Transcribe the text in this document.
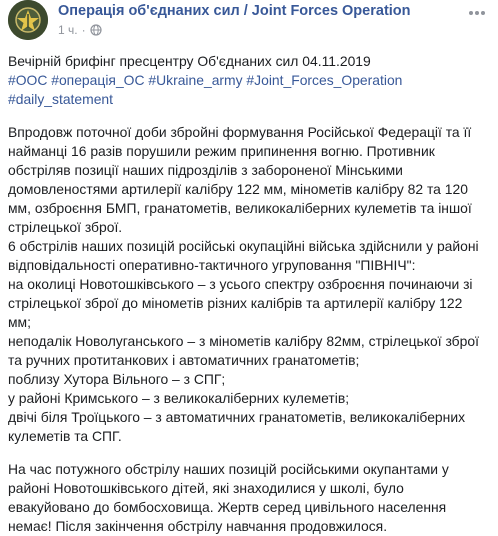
Операція об'єднаних сил / Joint Forces Operation
1 ч. ·

Вечірній брифінг пресцентру Об'єднаних сил 04.11.2019

#ООС #операція_ОС #Ukraine_army #Joint_Forces_Operation
#daily_statement

Впродовж поточної доби збройні формування Російської Федерації та її
найманці 16 разів порушили режим припинення вогню. Противник
обстріляв позиції наших підрозділів з забороненої Мінськими
домовленостями артилерії калібру 122 мм, мінометів калібру 82 та 120
мм, озброєння БМП, гранатометів, великокаліберних кулеметів та іншої
стрілецької зброї.
6 обстрілів наших позицій російські окупаційні війська здійснили у районі
відповідальності оперативно-тактичного угруповання "ПІВНІЧ":
на околиці Новотошківського – з усього спектру озброєння починаючи зі
стрілецької зброї до мінометів різних калібрів та артилерії калібру 122
мм;
неподалік Новолуганського – з мінометів калібру 82мм, стрілецької зброї
та ручних протитанкових і автоматичних гранатометів;
поблизу Хутора Вільного – з СПГ;
у районі Кримського – з великокаліберних кулеметів;
двічі біля Троїцького – з автоматичних гранатометів, великокаліберних
кулеметів та СПГ.
На час потужного обстрілу наших позицій російськими окупантами у
районі Новотошківського дітей, які знаходилися у школі, було
евакуйовано до бомбосховища. Жертв серед цивільного населення
немає! Після закінчення обстрілу навчання продовжилося.
